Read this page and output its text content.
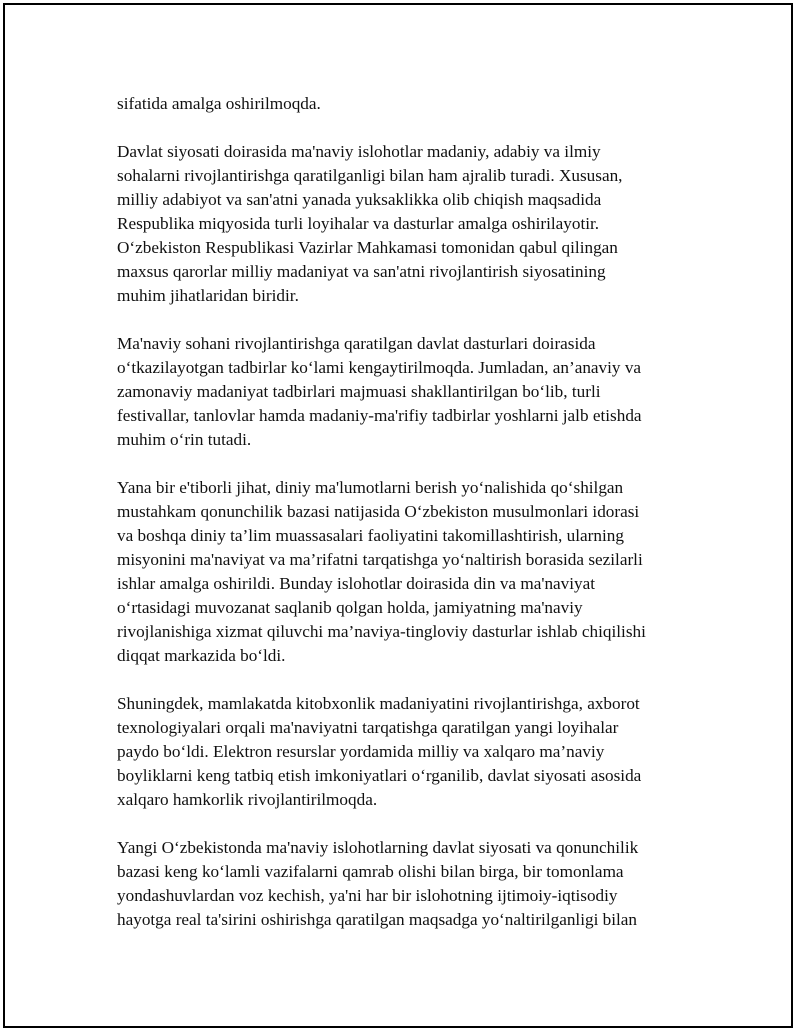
sifatida amalga oshirilmoqda.

Davlat siyosati doirasida ma'naviy islohotlar madaniy, adabiy va ilmiy
sohalarni rivojlantirishga qaratilganligi bilan ham ajralib turadi. Xususan,
milliy adabiyot va san'atni yanada yuksaklikka olib chiqish maqsadida
Respublika miqyosida turli loyihalar va dasturlar amalga oshirilayotir.
O‘zbekiston Respublikasi Vazirlar Mahkamasi tomonidan qabul qilingan
maxsus qarorlar milliy madaniyat va san'atni rivojlantirish siyosatining
muhim jihatlaridan biridir.

Ma'naviy sohani rivojlantirishga qaratilgan davlat dasturlari doirasida
o‘tkazilayotgan tadbirlar ko‘lami kengaytirilmoqda. Jumladan, an’anaviy va
zamonaviy madaniyat tadbirlari majmuasi shakllantirilgan bo‘lib, turli
festivallar, tanlovlar hamda madaniy-ma'rifiy tadbirlar yoshlarni jalb etishda
muhim o‘rin tutadi.

Yana bir e'tiborli jihat, diniy ma'lumotlarni berish yo‘nalishida qo‘shilgan
mustahkam qonunchilik bazasi natijasida O‘zbekiston musulmonlari idorasi
va boshqa diniy ta’lim muassasalari faoliyatini takomillashtirish, ularning
misyonini ma'naviyat va ma’rifatni tarqatishga yo‘naltirish borasida sezilarli
ishlar amalga oshirildi. Bunday islohotlar doirasida din va ma'naviyat
o‘rtasidagi muvozanat saqlanib qolgan holda, jamiyatning ma'naviy
rivojlanishiga xizmat qiluvchi ma’naviya-tingloviy dasturlar ishlab chiqilishi
diqqat markazida bo‘ldi.

Shuningdek, mamlakatda kitobxonlik madaniyatini rivojlantirishga, axborot
texnologiyalari orqali ma'naviyatni tarqatishga qaratilgan yangi loyihalar
paydo bo‘ldi. Elektron resurslar yordamida milliy va xalqaro ma’naviy
boyliklarni keng tatbiq etish imkoniyatlari o‘rganilib, davlat siyosati asosida
xalqaro hamkorlik rivojlantirilmoqda.

Yangi O‘zbekistonda ma'naviy islohotlarning davlat siyosati va qonunchilik
bazasi keng ko‘lamli vazifalarni qamrab olishi bilan birga, bir tomonlama
yondashuvlardan voz kechish, ya'ni har bir islohotning ijtimoiy-iqtisodiy
hayotga real ta'sirini oshirishga qaratilgan maqsadga yo‘naltirilganligi bilan
